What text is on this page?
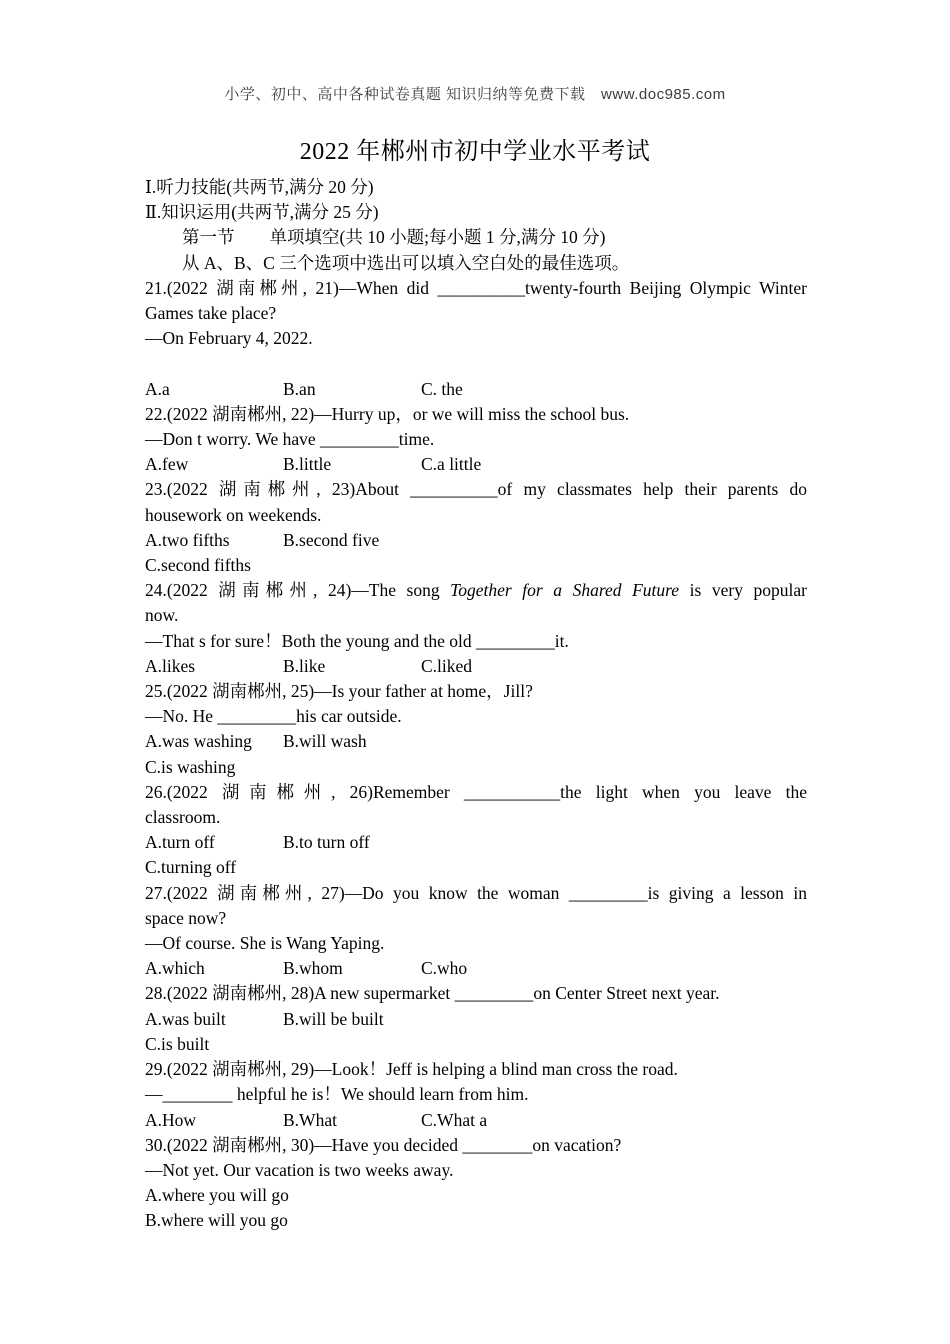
小学、初中、高中各种试卷真题 知识归纳等免费下载　www.doc985.com
2022 年郴州市初中学业水平考试
Ⅰ.听力技能(共两节,满分 20 分)
Ⅱ.知识运用(共两节,满分 25 分)
第一节　　单项填空(共 10 小题;每小题 1 分,满分 10 分)
从 A、B、C 三个选项中选出可以填入空白处的最佳选项。
21.(2022 湖南郴州, 21)—When did __________twenty-fourth Beijing Olympic Winter
Games take place?
—On February 4, 2022.

A.a	B.an	C. the
22.(2022 湖南郴州, 22)—Hurry up，or we will miss the school bus.
—Don t worry. We have _________time.
A.few	B.little	C.a little
23.(2022 湖南郴州, 23)About __________of my classmates help their parents do
housework on weekends.
A.two fifths	B.second five
C.second fifths
24.(2022 湖南郴州, 24)—The song Together for a Shared Future is very popular
now.
—That s for sure！Both the young and the old _________it.
A.likes	B.like	C.liked
25.(2022 湖南郴州, 25)—Is your father at home，Jill?
—No. He _________his car outside.
A.was washing B.will wash
C.is washing
26.(2022 湖南郴州, 26)Remember ___________the light when you leave the
classroom.
A.turn off	B.to turn off
C.turning off
27.(2022 湖南郴州, 27)—Do you know the woman _________is giving a lesson in
space now?
—Of course. She is Wang Yaping.
A.which	B.whom	C.who
28.(2022 湖南郴州, 28)A new supermarket _________on Center Street next year.
A.was built	B.will be built
C.is built
29.(2022 湖南郴州, 29)—Look！Jeff is helping a blind man cross the road.
—________ helpful he is！We should learn from him.
A.How	B.What	C.What a
30.(2022 湖南郴州, 30)—Have you decided ________on vacation?
—Not yet. Our vacation is two weeks away.
A.where you will go
B.where will you go
